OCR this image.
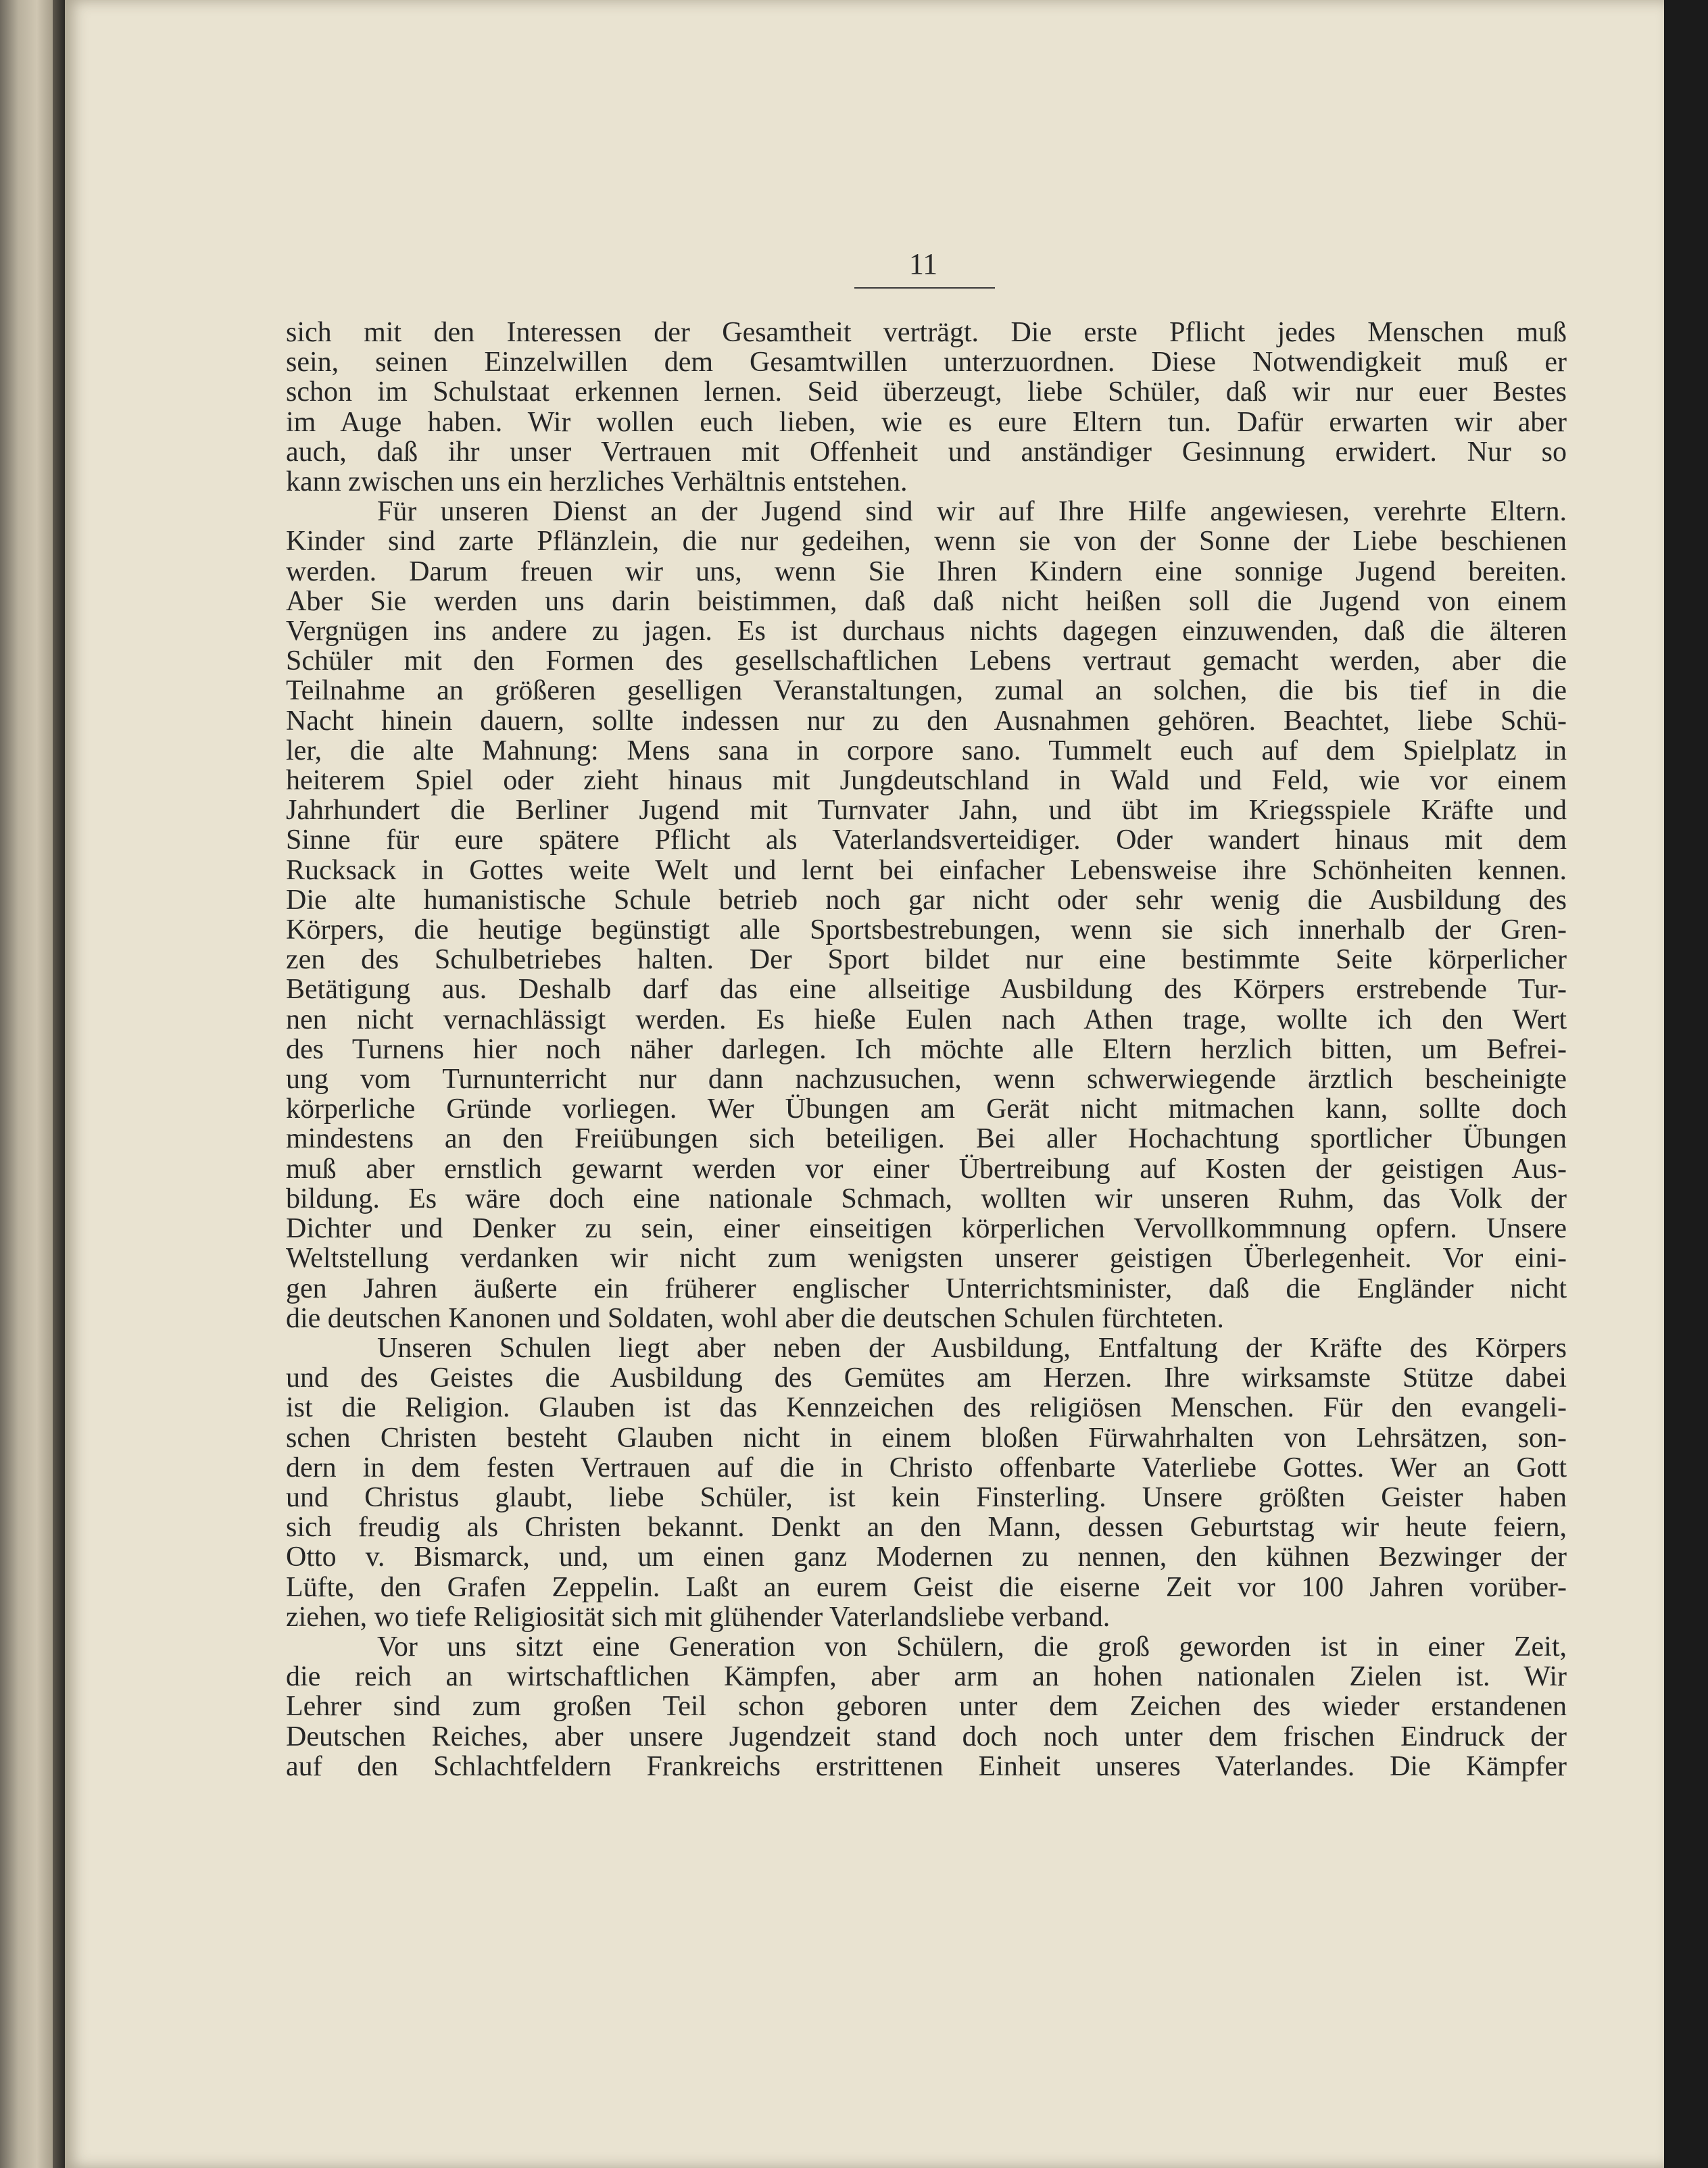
11
sich mit den Interessen der Gesamtheit verträgt. Die erste Pflicht jedes Menschen muß
sein, seinen Einzelwillen dem Gesamtwillen unterzuordnen. Diese Notwendigkeit muß er
schon im Schulstaat erkennen lernen. Seid überzeugt, liebe Schüler, daß wir nur euer Bestes
im Auge haben. Wir wollen euch lieben, wie es eure Eltern tun. Dafür erwarten wir aber
auch, daß ihr unser Vertrauen mit Offenheit und anständiger Gesinnung erwidert. Nur so
kann zwischen uns ein herzliches Verhältnis entstehen.
Für unseren Dienst an der Jugend sind wir auf Ihre Hilfe angewiesen, verehrte Eltern.
Kinder sind zarte Pflänzlein, die nur gedeihen, wenn sie von der Sonne der Liebe beschienen
werden. Darum freuen wir uns, wenn Sie Ihren Kindern eine sonnige Jugend bereiten.
Aber Sie werden uns darin beistimmen, daß daß nicht heißen soll die Jugend von einem
Vergnügen ins andere zu jagen. Es ist durchaus nichts dagegen einzuwenden, daß die älteren
Schüler mit den Formen des gesellschaftlichen Lebens vertraut gemacht werden, aber die
Teilnahme an größeren geselligen Veranstaltungen, zumal an solchen, die bis tief in die
Nacht hinein dauern, sollte indessen nur zu den Ausnahmen gehören. Beachtet, liebe Schü-
ler, die alte Mahnung: Mens sana in corpore sano. Tummelt euch auf dem Spielplatz in
heiterem Spiel oder zieht hinaus mit Jungdeutschland in Wald und Feld, wie vor einem
Jahrhundert die Berliner Jugend mit Turnvater Jahn, und übt im Kriegsspiele Kräfte und
Sinne für eure spätere Pflicht als Vaterlandsverteidiger. Oder wandert hinaus mit dem
Rucksack in Gottes weite Welt und lernt bei einfacher Lebensweise ihre Schönheiten kennen.
Die alte humanistische Schule betrieb noch gar nicht oder sehr wenig die Ausbildung des
Körpers, die heutige begünstigt alle Sportsbestrebungen, wenn sie sich innerhalb der Gren-
zen des Schulbetriebes halten. Der Sport bildet nur eine bestimmte Seite körperlicher
Betätigung aus. Deshalb darf das eine allseitige Ausbildung des Körpers erstrebende Tur-
nen nicht vernachlässigt werden. Es hieße Eulen nach Athen trage, wollte ich den Wert
des Turnens hier noch näher darlegen. Ich möchte alle Eltern herzlich bitten, um Befrei-
ung vom Turnunterricht nur dann nachzusuchen, wenn schwerwiegende ärztlich bescheinigte
körperliche Gründe vorliegen. Wer Übungen am Gerät nicht mitmachen kann, sollte doch
mindestens an den Freiübungen sich beteiligen. Bei aller Hochachtung sportlicher Übungen
muß aber ernstlich gewarnt werden vor einer Übertreibung auf Kosten der geistigen Aus-
bildung. Es wäre doch eine nationale Schmach, wollten wir unseren Ruhm, das Volk der
Dichter und Denker zu sein, einer einseitigen körperlichen Vervollkommnung opfern. Unsere
Weltstellung verdanken wir nicht zum wenigsten unserer geistigen Überlegenheit. Vor eini-
gen Jahren äußerte ein früherer englischer Unterrichtsminister, daß die Engländer nicht
die deutschen Kanonen und Soldaten, wohl aber die deutschen Schulen fürchteten.
Unseren Schulen liegt aber neben der Ausbildung, Entfaltung der Kräfte des Körpers
und des Geistes die Ausbildung des Gemütes am Herzen. Ihre wirksamste Stütze dabei
ist die Religion. Glauben ist das Kennzeichen des religiösen Menschen. Für den evangeli-
schen Christen besteht Glauben nicht in einem bloßen Fürwahrhalten von Lehrsätzen, son-
dern in dem festen Vertrauen auf die in Christo offenbarte Vaterliebe Gottes. Wer an Gott
und Christus glaubt, liebe Schüler, ist kein Finsterling. Unsere größten Geister haben
sich freudig als Christen bekannt. Denkt an den Mann, dessen Geburtstag wir heute feiern,
Otto v. Bismarck, und, um einen ganz Modernen zu nennen, den kühnen Bezwinger der
Lüfte, den Grafen Zeppelin. Laßt an eurem Geist die eiserne Zeit vor 100 Jahren vorüber-
ziehen, wo tiefe Religiosität sich mit glühender Vaterlandsliebe verband.
Vor uns sitzt eine Generation von Schülern, die groß geworden ist in einer Zeit,
die reich an wirtschaftlichen Kämpfen, aber arm an hohen nationalen Zielen ist. Wir
Lehrer sind zum großen Teil schon geboren unter dem Zeichen des wieder erstandenen
Deutschen Reiches, aber unsere Jugendzeit stand doch noch unter dem frischen Eindruck der
auf den Schlachtfeldern Frankreichs erstrittenen Einheit unseres Vaterlandes. Die Kämpfer
